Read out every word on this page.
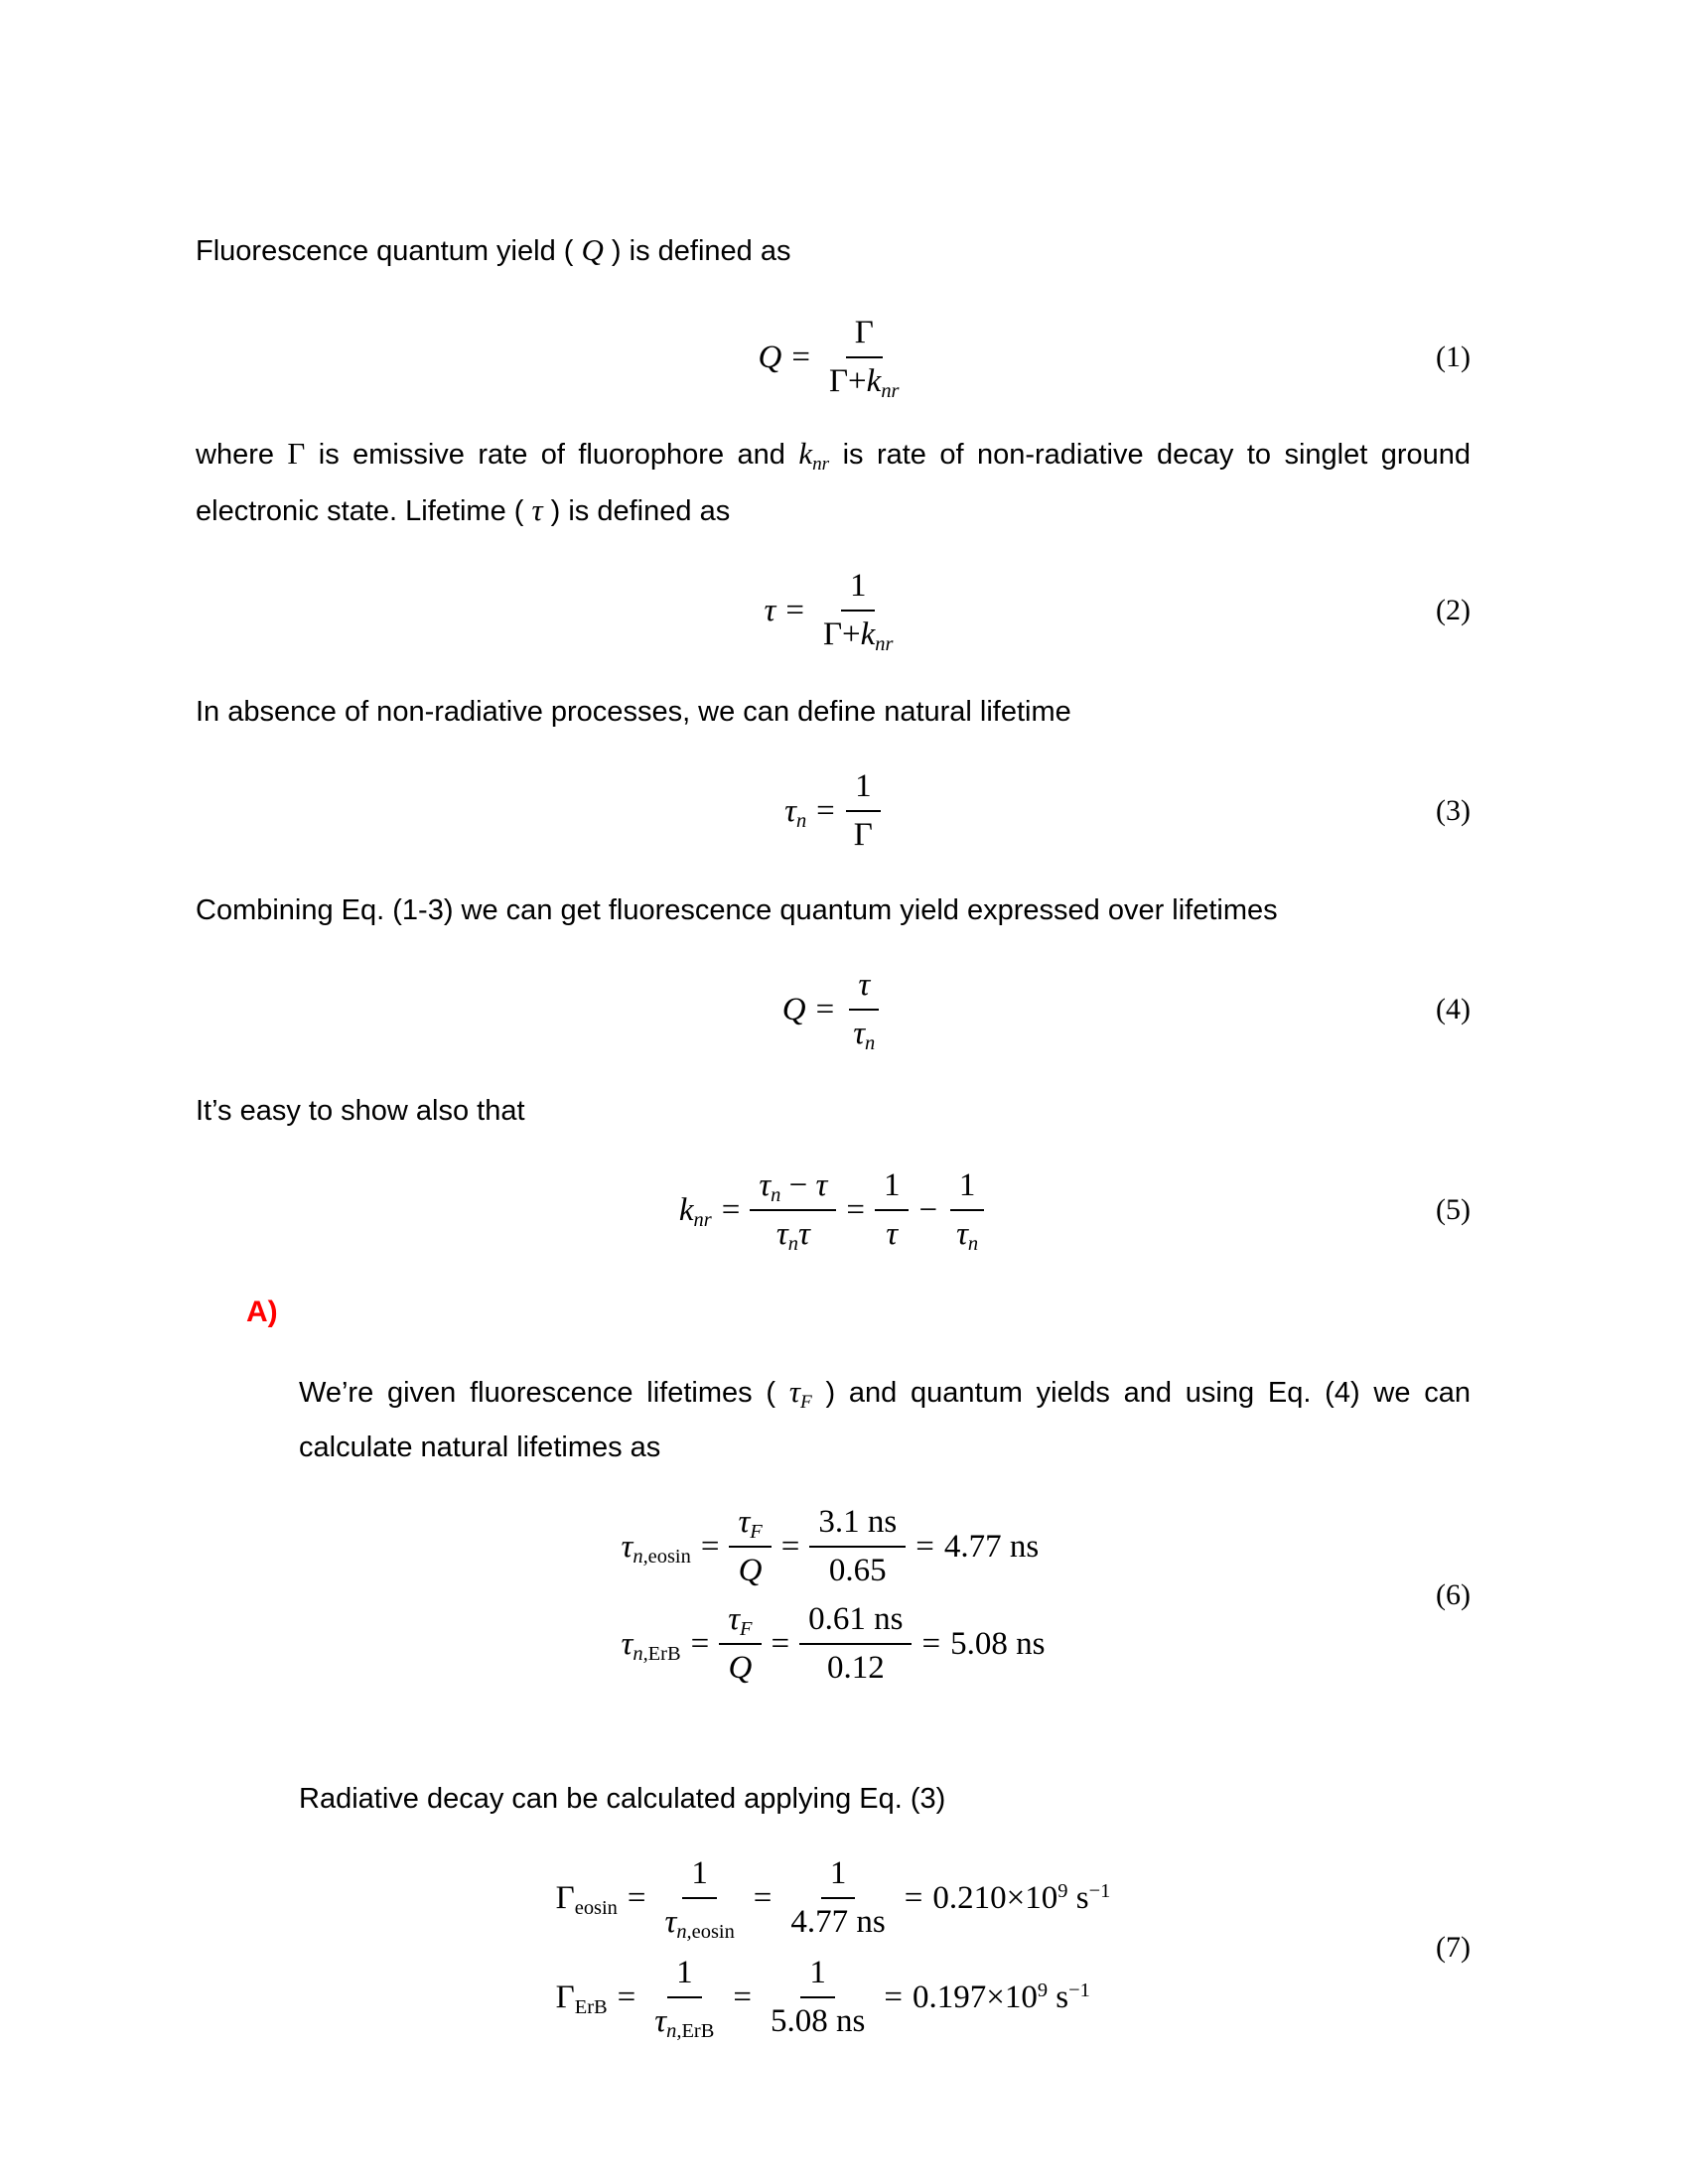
Fluorescence quantum yield ( Q ) is defined as

$Q = \frac{\Gamma}{\Gamma+k_{nr}}$	(1)

where Γ is emissive rate of fluorophore and $k_{nr}$ is rate of non-radiative decay to singlet ground electronic state. Lifetime ( τ ) is defined as

$\tau = \frac{1}{\Gamma+k_{nr}}$	(2)

In absence of non-radiative processes, we can define natural lifetime

$\tau_n = \frac{1}{\Gamma}$	(3)

Combining Eq. (1-3) we can get fluorescence quantum yield expressed over lifetimes

$Q = \frac{\tau}{\tau_n}$	(4)

It’s easy to show also that

$k_{nr} = \frac{\tau_n - \tau}{\tau_n\tau} = \frac{1}{\tau} - \frac{1}{\tau_n}$	(5)

A)

We’re given fluorescence lifetimes ( $\tau_F$ ) and quantum yields and using Eq. (4) we can calculate natural lifetimes as

$\tau_{n,eosin} = \frac{\tau_F}{Q} = \frac{3.1 ns}{0.65} = 4.77$ ns
$\tau_{n,ErB} = \frac{\tau_F}{Q} = \frac{0.61 ns}{0.12} = 5.08$ ns
(6)

Radiative decay can be calculated applying Eq. (3)

$\Gamma_{eosin} = \frac{1}{\tau_{n,eosin}} = \frac{1}{4.77 ns} = 0.210\times 10^9$ $s^{-1}$
$\Gamma_{ErB} = \frac{1}{\tau_{n,ErB}} = \frac{1}{5.08 ns} = 0.197\times 10^9$ $s^{-1}$
(7)
